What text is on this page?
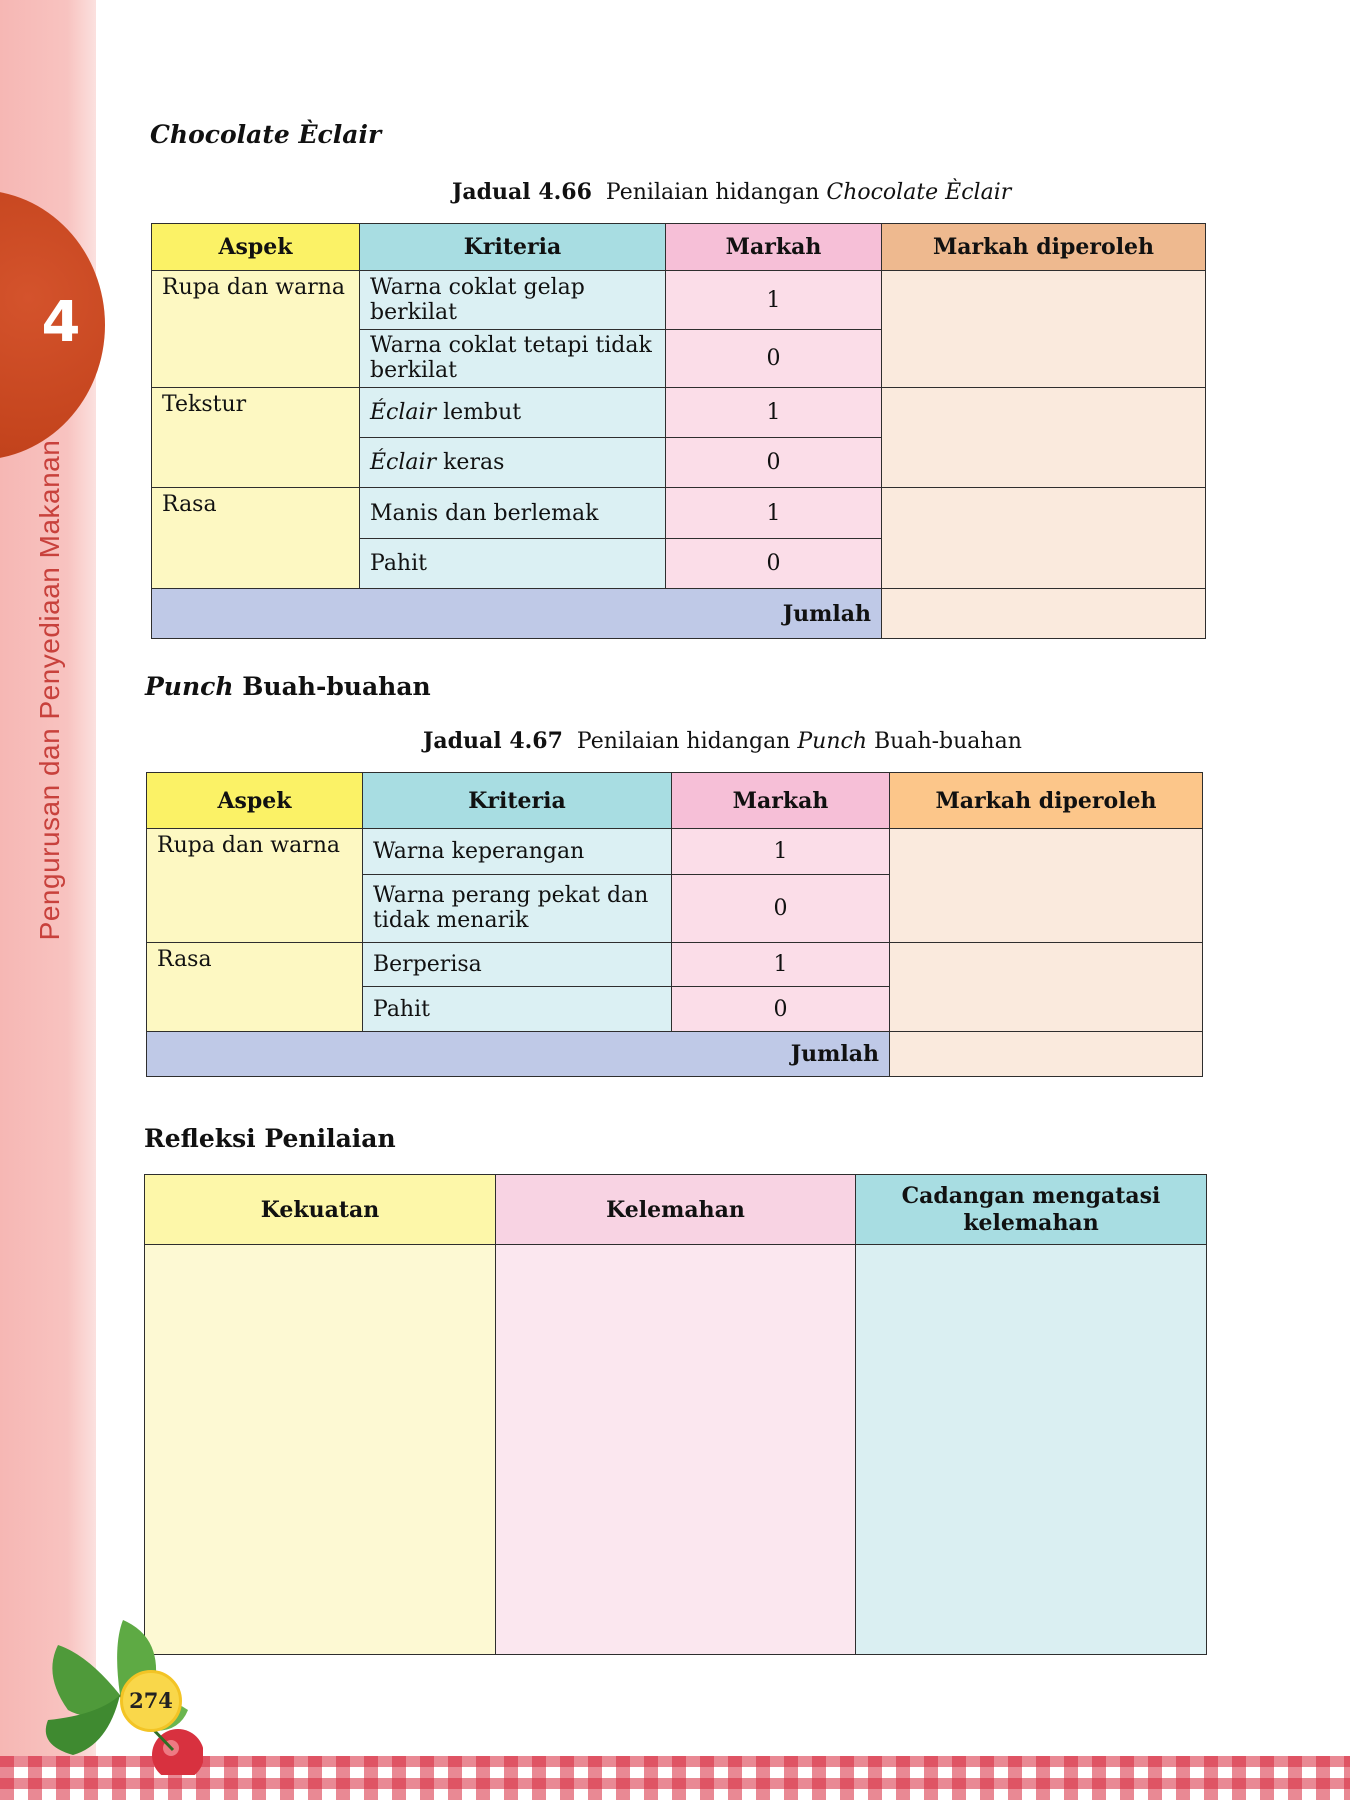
4
Pengurusan dan Penyediaan Makanan
Chocolate Èclair
Jadual 4.66 Penilaian hidangan Chocolate Èclair
Aspek	Kriteria	Markah	Markah diperoleh
Rupa dan warna	Warna coklat gelap berkilat	1	
	Warna coklat tetapi tidak berkilat	0	
Tekstur	Éclair lembut	1	
	Éclair keras	0	
Rasa	Manis dan berlemak	1	
	Pahit	0	
Jumlah			
Punch Buah-buahan
Jadual 4.67 Penilaian hidangan Punch Buah-buahan
Aspek	Kriteria	Markah	Markah diperoleh
Rupa dan warna	Warna keperangan	1	
	Warna perang pekat dan tidak menarik	0	
Rasa	Berperisa	1	
	Pahit	0	
Jumlah			
Refleksi Penilaian
Kekuatan	Kelemahan	Cadangan mengatasi kelemahan

274
